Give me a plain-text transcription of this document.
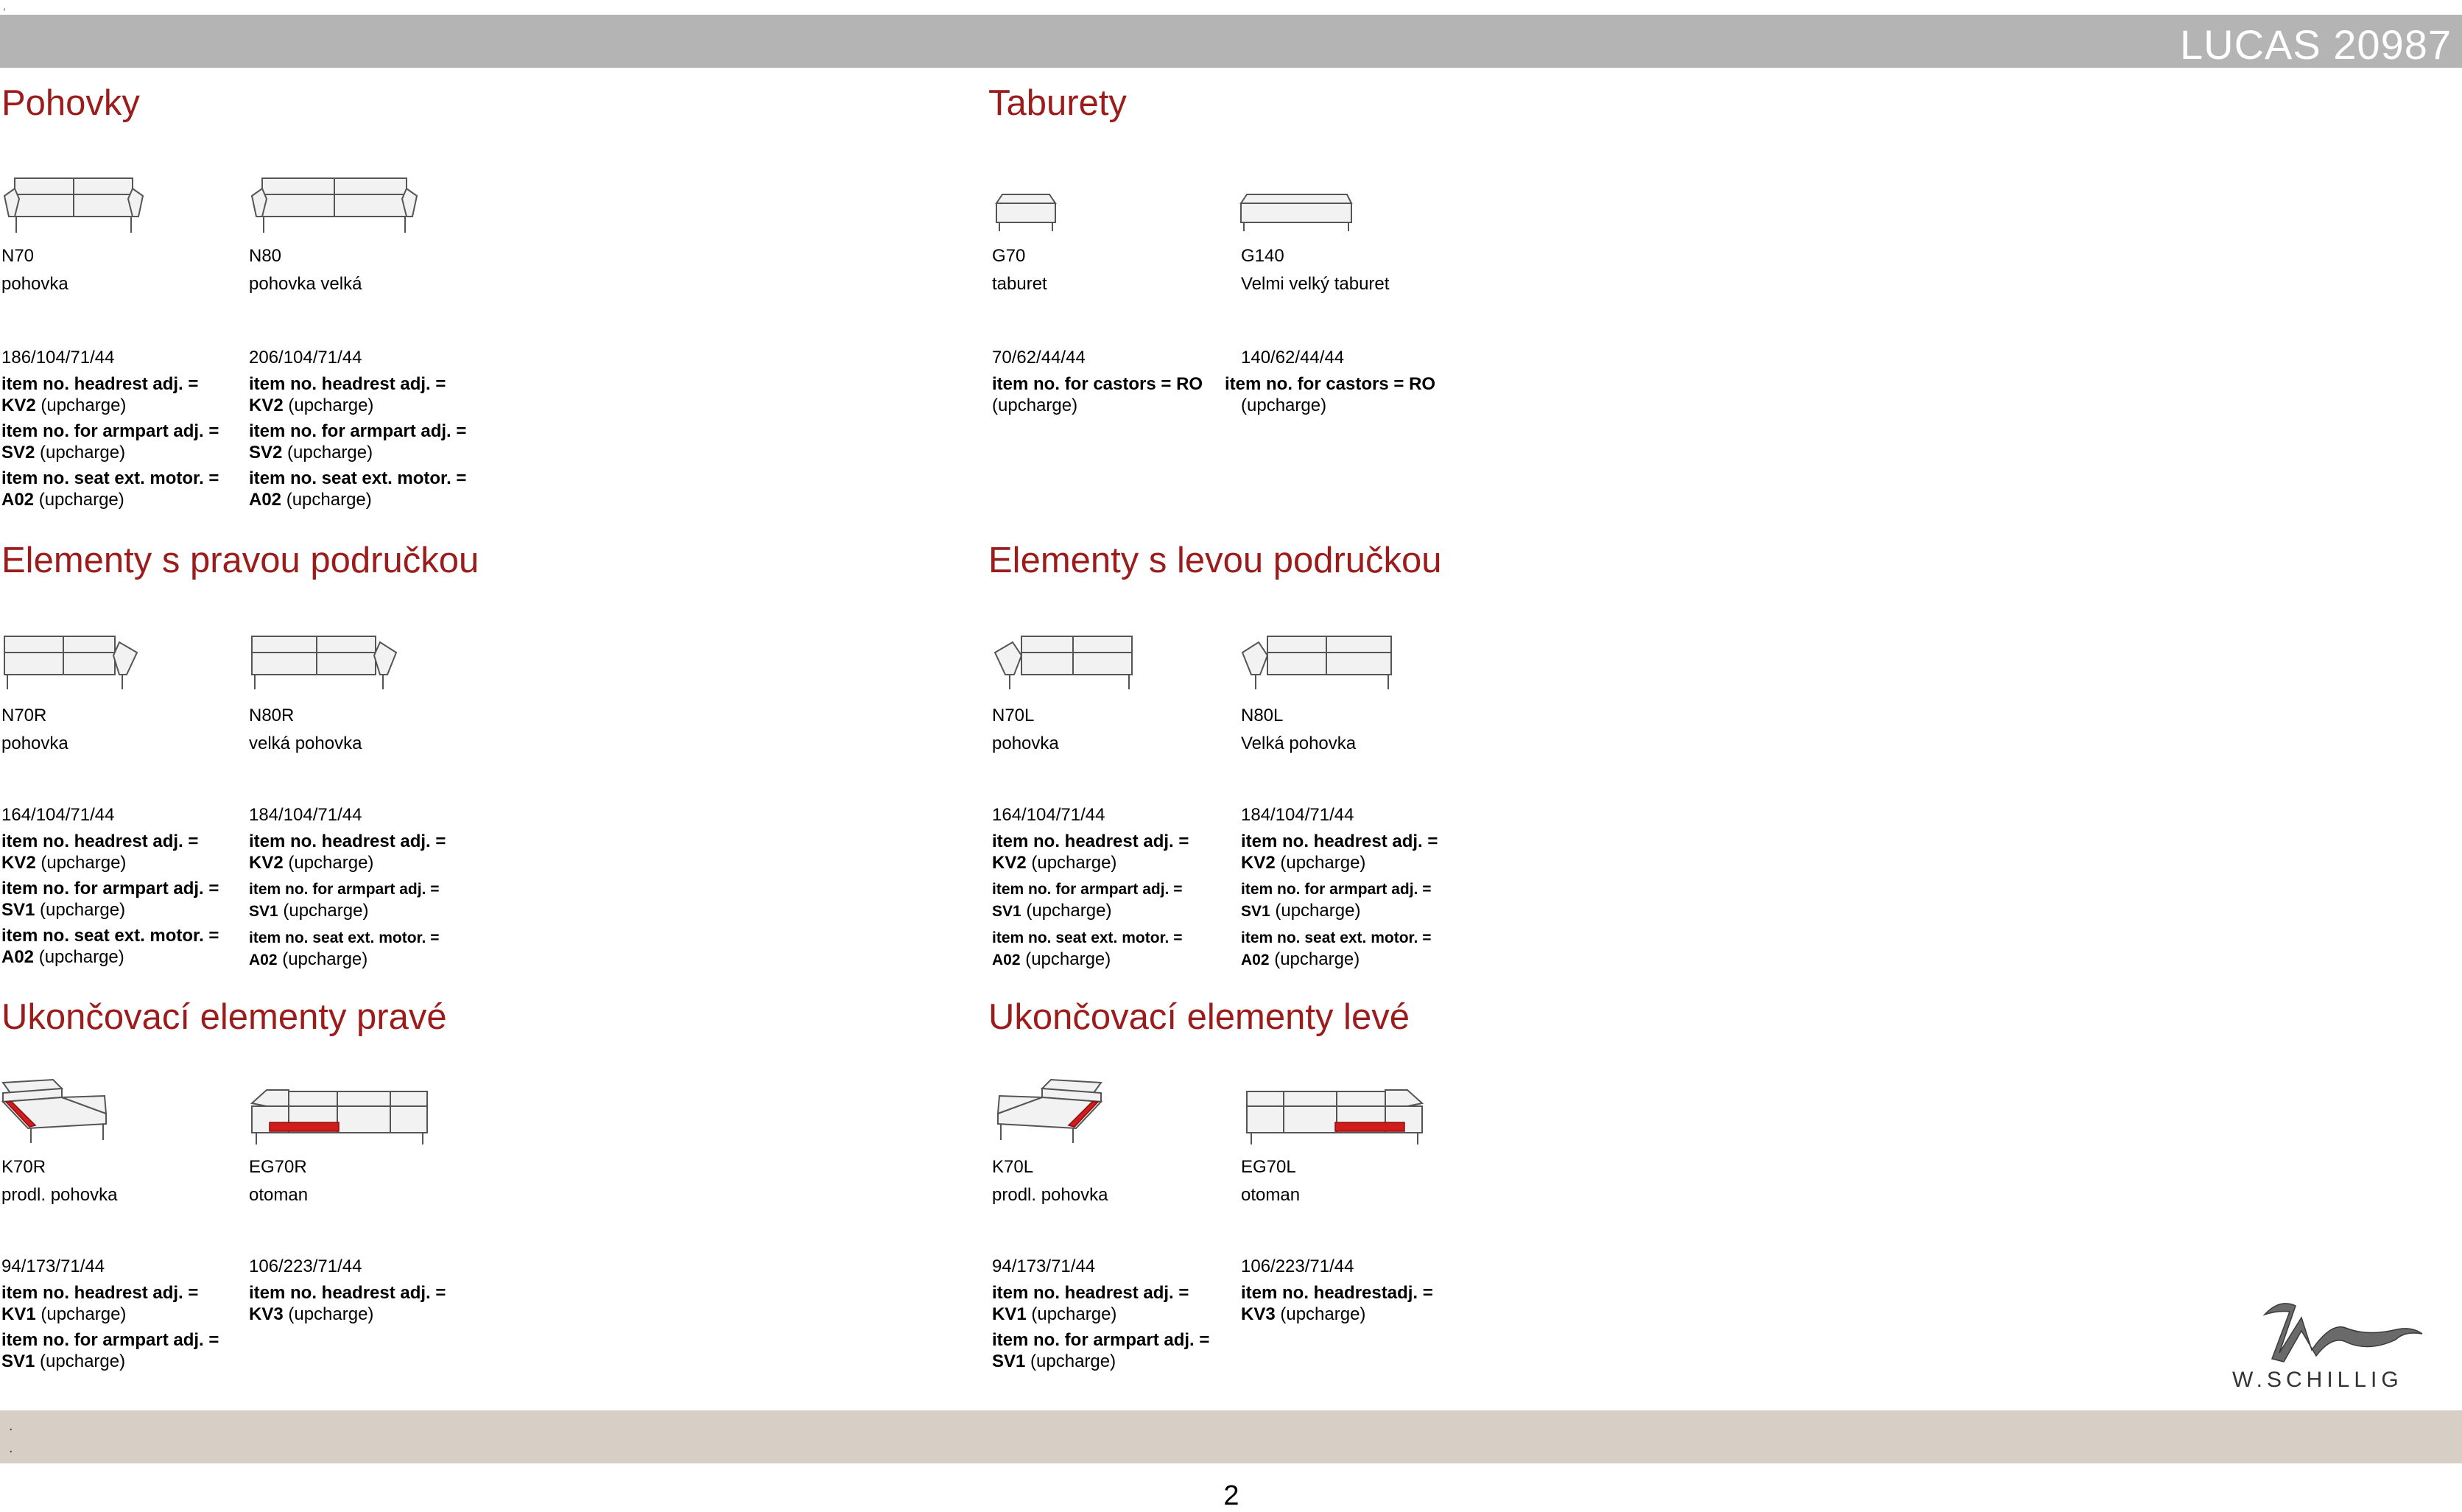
,
LUCAS 20987
Pohovky
N70
pohovka
186/104/71/44
item no. headrest adj. = KV2 (upcharge)
item no. for armpart adj. = SV2 (upcharge)
item no. seat ext. motor. = A02 (upcharge)
N80
pohovka velká
206/104/71/44
item no. headrest adj. = KV2 (upcharge)
item no. for armpart adj. = SV2 (upcharge)
item no. seat ext. motor. = A02 (upcharge)
Taburety
G70
taburet
70/62/44/44
item no. for castors = RO (upcharge)
G140
Velmi velký taburet
140/62/44/44
item no. for castors = RO
(upcharge)
Elementy s pravou područkou
N70R
pohovka
164/104/71/44
item no. headrest adj. = KV2 (upcharge)
item no. for armpart adj. = SV1 (upcharge)
item no. seat ext. motor. = A02 (upcharge)
N80R
velká pohovka
184/104/71/44
item no. headrest adj. = KV2 (upcharge)
item no. for armpart adj. = SV1 (upcharge)
item no. seat ext. motor. = A02 (upcharge)
Elementy s levou područkou
N70L
pohovka
164/104/71/44
item no. headrest adj. = KV2 (upcharge)
item no. for armpart adj. = SV1 (upcharge)
item no. seat ext. motor. = A02 (upcharge)
N80L
Velká pohovka
184/104/71/44
item no. headrest adj. = KV2 (upcharge)
item no. for armpart adj. = SV1 (upcharge)
item no. seat ext. motor. = A02 (upcharge)
Ukončovací elementy pravé
K70R
prodl. pohovka
94/173/71/44
item no. headrest adj. = KV1 (upcharge)
item no. for armpart adj. = SV1 (upcharge)
EG70R
otoman
106/223/71/44
item no. headrest adj. = KV3 (upcharge)
Ukončovací elementy levé
K70L
prodl. pohovka
94/173/71/44
item no. headrest adj. = KV1 (upcharge)
item no. for armpart adj. = SV1 (upcharge)
EG70L
otoman
106/223/71/44
item no. headrestadj. = KV3 (upcharge)
W.SCHILLIG
.
.
2
